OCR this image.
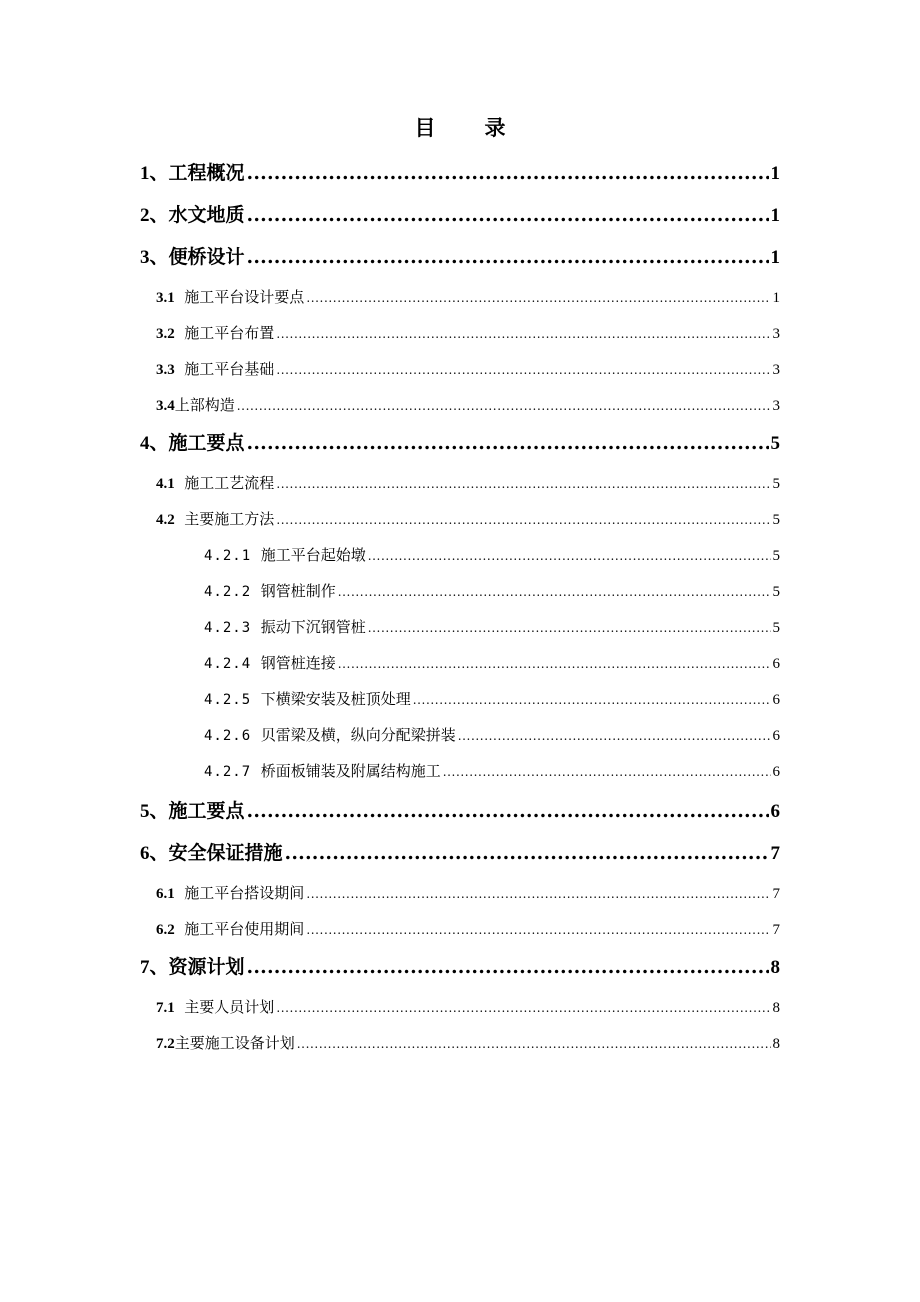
目　录
1、工程概况 .....	1
2、水文地质 .....	1
3、便桥设计 .....	1
3.1 施工平台设计要点 .....	1
3.2 施工平台布置 .....	3
3.3 施工平台基础 .....	3
3.4上部构造 .....	3
4、施工要点 .....	5
4.1 施工工艺流程 .....	5
4.2 主要施工方法 .....	5
4.2.1 施工平台起始墩 .....	5
4.2.2 钢管桩制作 .....	5
4.2.3 振动下沉钢管桩 .....	5
4.2.4 钢管桩连接 .....	6
4.2.5 下横梁安装及桩顶处理 .....	6
4.2.6 贝雷梁及横，纵向分配梁拼装 .....	6
4.2.7 桥面板铺装及附属结构施工 .....	6
5、施工要点 .....	6
6、安全保证措施 .....	7
6.1 施工平台搭设期间 .....	7
6.2 施工平台使用期间 .....	7
7、资源计划 .....	8
7.1 主要人员计划 .....	8
7.2主要施工设备计划 .....	8
